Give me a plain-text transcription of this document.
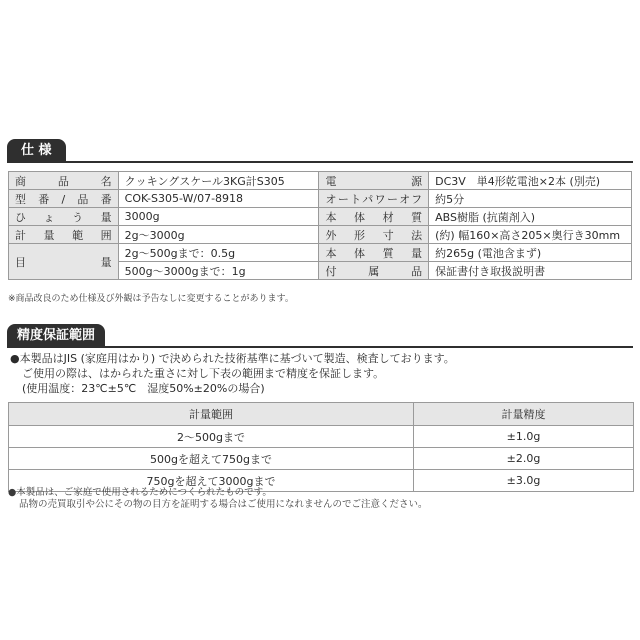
仕 様
商品名	クッキングスケール3KG計S305	電源	DC3V　単4形乾電池×2本 (別売)
型番/品番	COK-S305-W/07-8918	オートパワーオフ	約5分
ひょう量	3000g	本体材質	ABS樹脂 (抗菌剤入)
計量範囲	2g～3000g	外形寸法	(約) 幅160×高さ205×奥行き30mm
目量	2g～500gまで：0.5g	本体質量	約265g (電池含まず)
	500g～3000gまで：1g	付属品	保証書付き取扱説明書
※商品改良のため仕様及び外観は予告なしに変更することがあります。
精度保証範囲
●本製品はJIS (家庭用はかり) で決められた技術基準に基づいて製造、検査しております。
ご使用の際は、はかられた重さに対し下表の範囲まで精度を保証します。
(使用温度：23℃±5℃　湿度50%±20%の場合)
計量範囲	計量精度
2～500gまで	±1.0g
500gを超えて750gまで	±2.0g
750gを超えて3000gまで	±3.0g
●本製品は、ご家庭で使用されるためにつくられたものです。
品物の売買取引や公にその物の目方を証明する場合はご使用になれませんのでご注意ください。
